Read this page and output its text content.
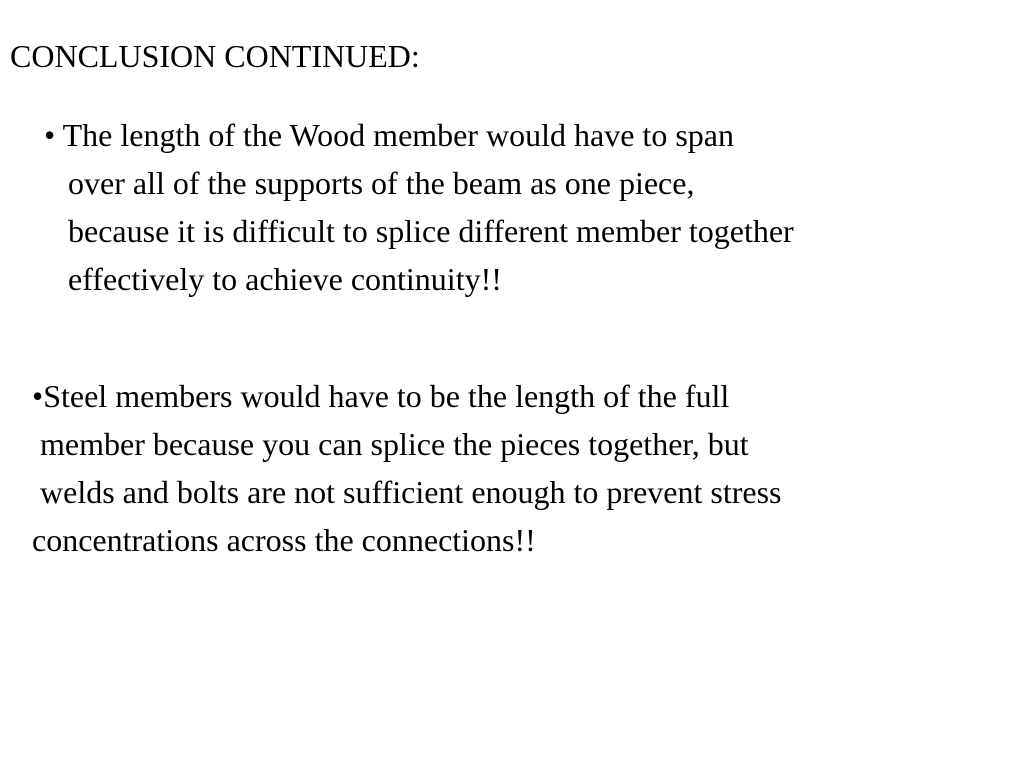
CONCLUSION CONTINUED:
• The length of the Wood member would have to span
over all of the supports of the beam as one piece,
because it is difficult to splice different member together
effectively to achieve continuity!!
•Steel members would have to be the length of the full
member because you can splice the pieces together, but
welds and bolts are not sufficient enough to prevent stress
concentrations across the connections!!
